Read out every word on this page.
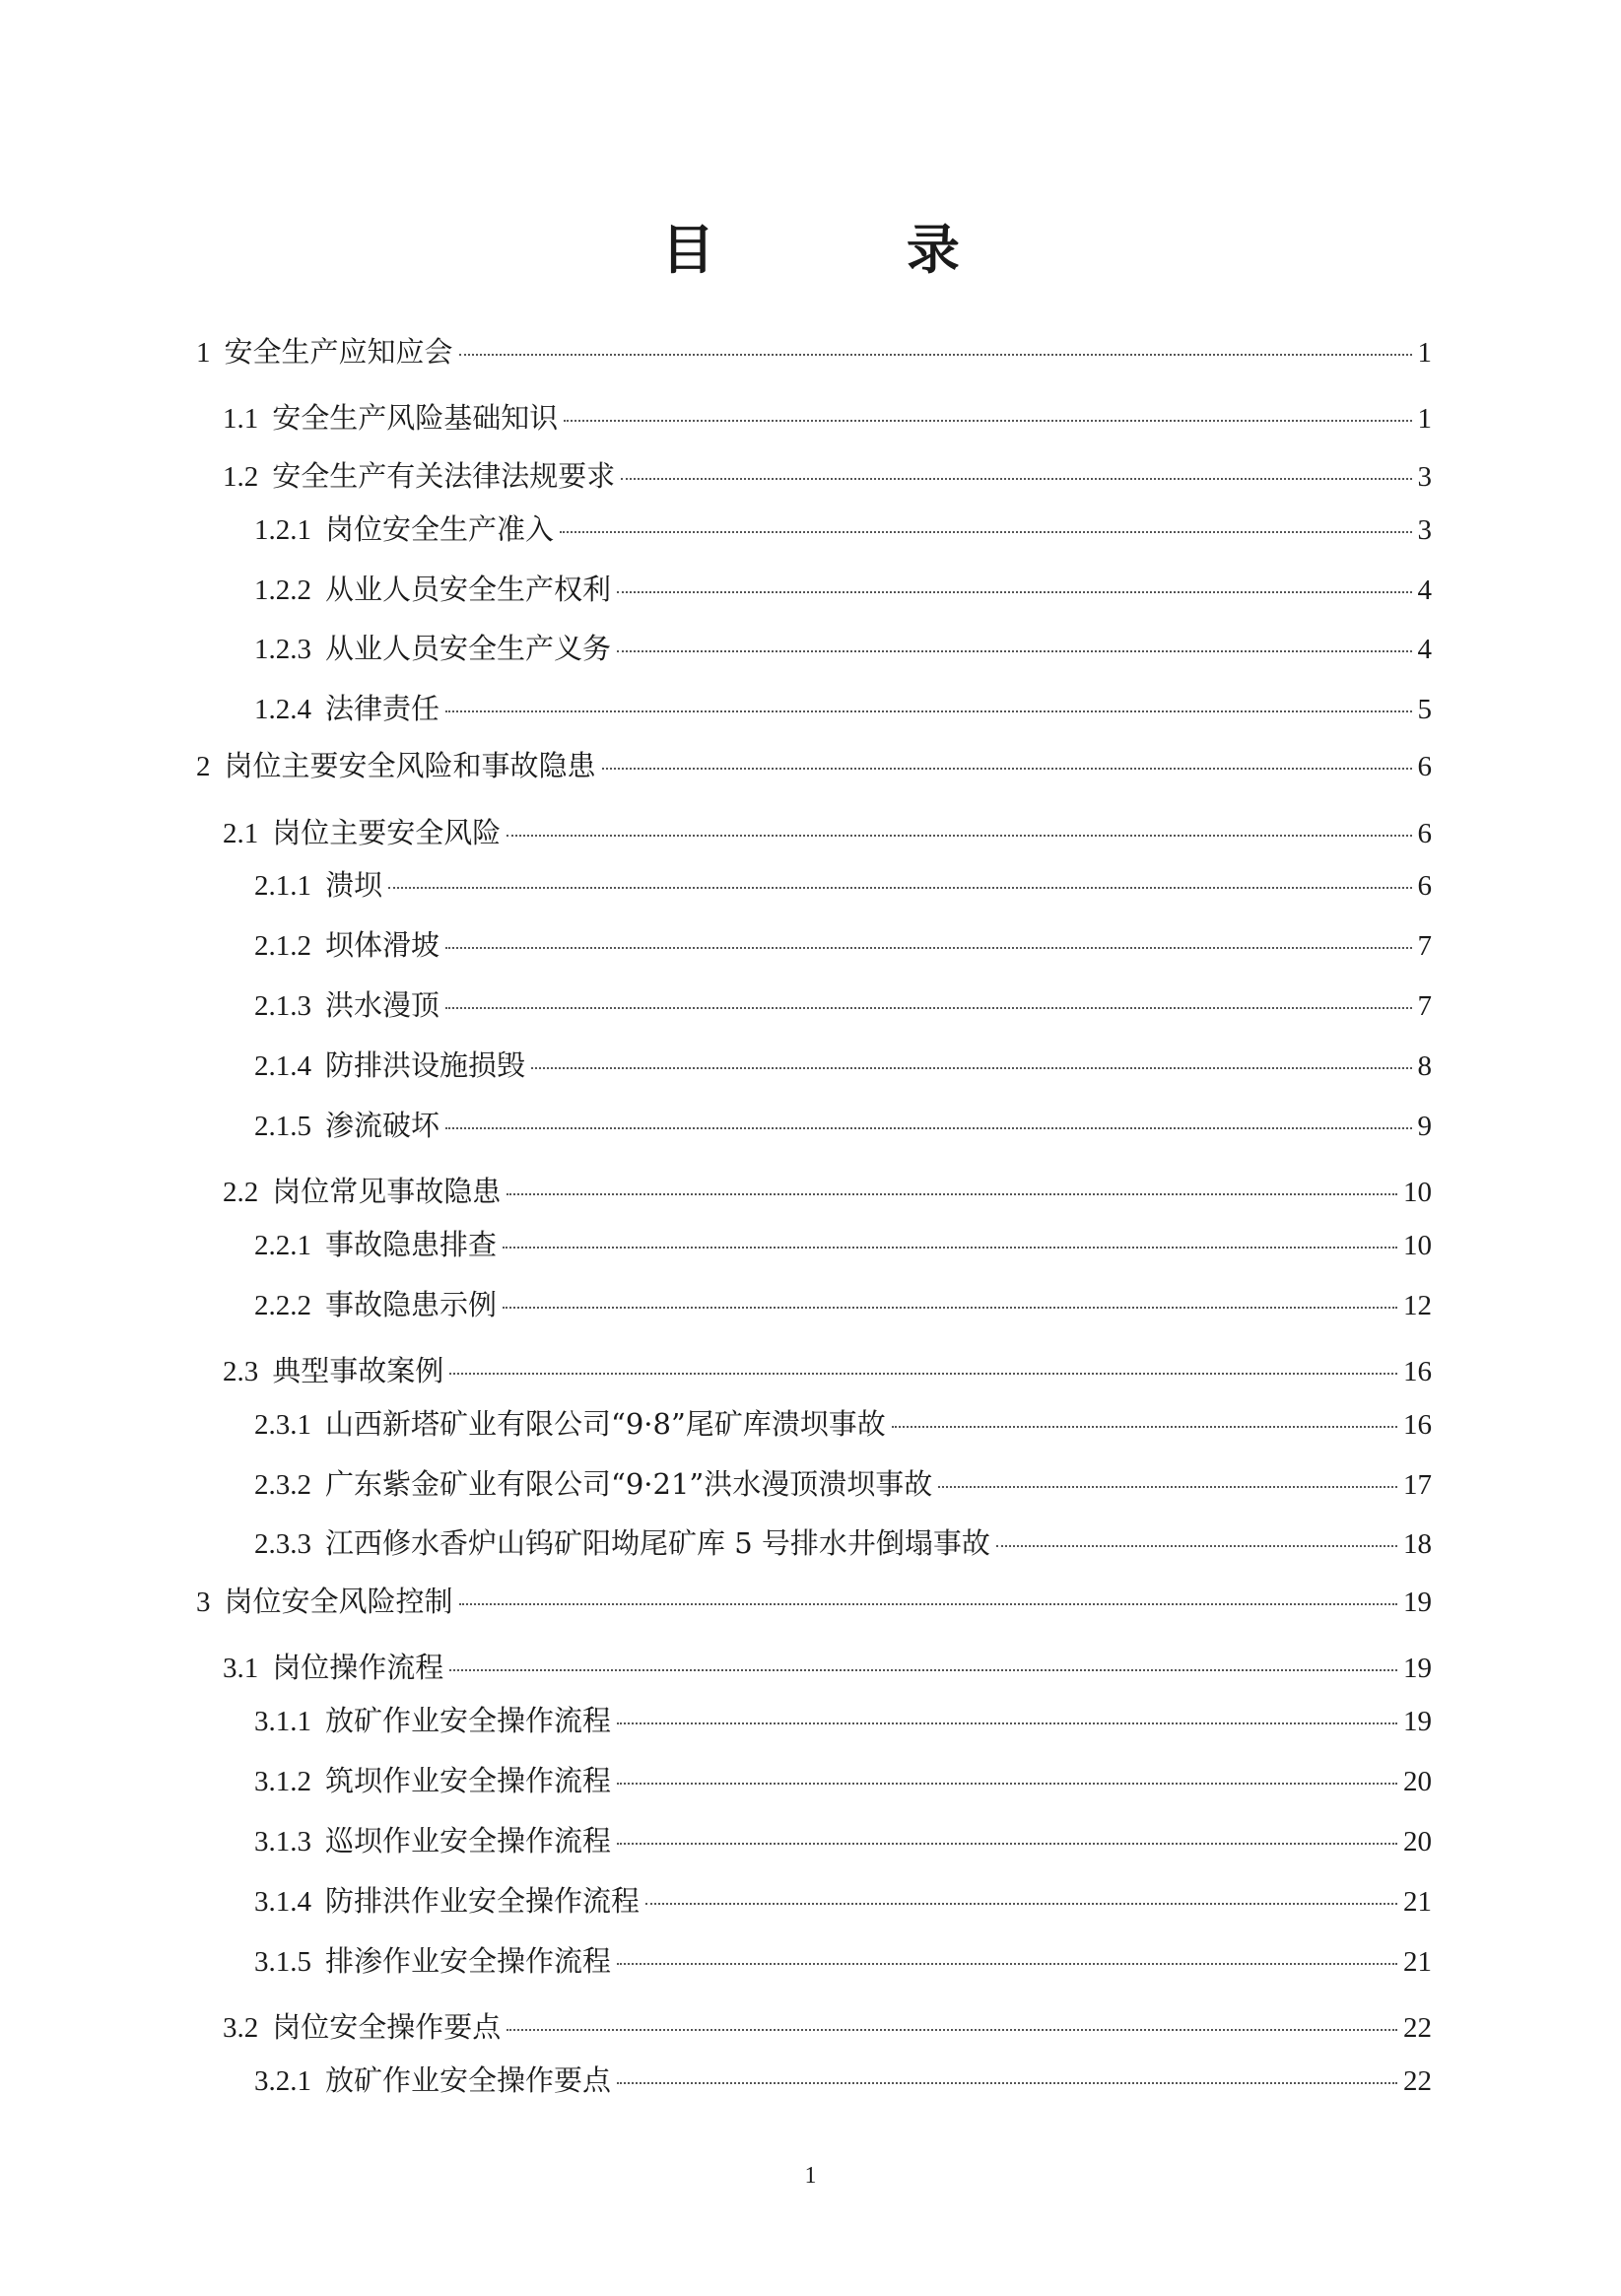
目 录
1 安全生产应知应会	1
1.1 安全生产风险基础知识	1
1.2 安全生产有关法律法规要求	3
1.2.1 岗位安全生产准入	3
1.2.2 从业人员安全生产权利	4
1.2.3 从业人员安全生产义务	4
1.2.4 法律责任	5
2 岗位主要安全风险和事故隐患	6
2.1 岗位主要安全风险	6
2.1.1 溃坝	6
2.1.2 坝体滑坡	7
2.1.3 洪水漫顶	7
2.1.4 防排洪设施损毁	8
2.1.5 渗流破坏	9
2.2 岗位常见事故隐患	10
2.2.1 事故隐患排查	10
2.2.2 事故隐患示例	12
2.3 典型事故案例	16
2.3.1 山西新塔矿业有限公司“9·8”尾矿库溃坝事故	16
2.3.2 广东紫金矿业有限公司“9·21”洪水漫顶溃坝事故	17
2.3.3 江西修水香炉山钨矿阳坳尾矿库 5 号排水井倒塌事故	18
3 岗位安全风险控制	19
3.1 岗位操作流程	19
3.1.1 放矿作业安全操作流程	19
3.1.2 筑坝作业安全操作流程	20
3.1.3 巡坝作业安全操作流程	20
3.1.4 防排洪作业安全操作流程	21
3.1.5 排渗作业安全操作流程	21
3.2 岗位安全操作要点	22
3.2.1 放矿作业安全操作要点	22
1
